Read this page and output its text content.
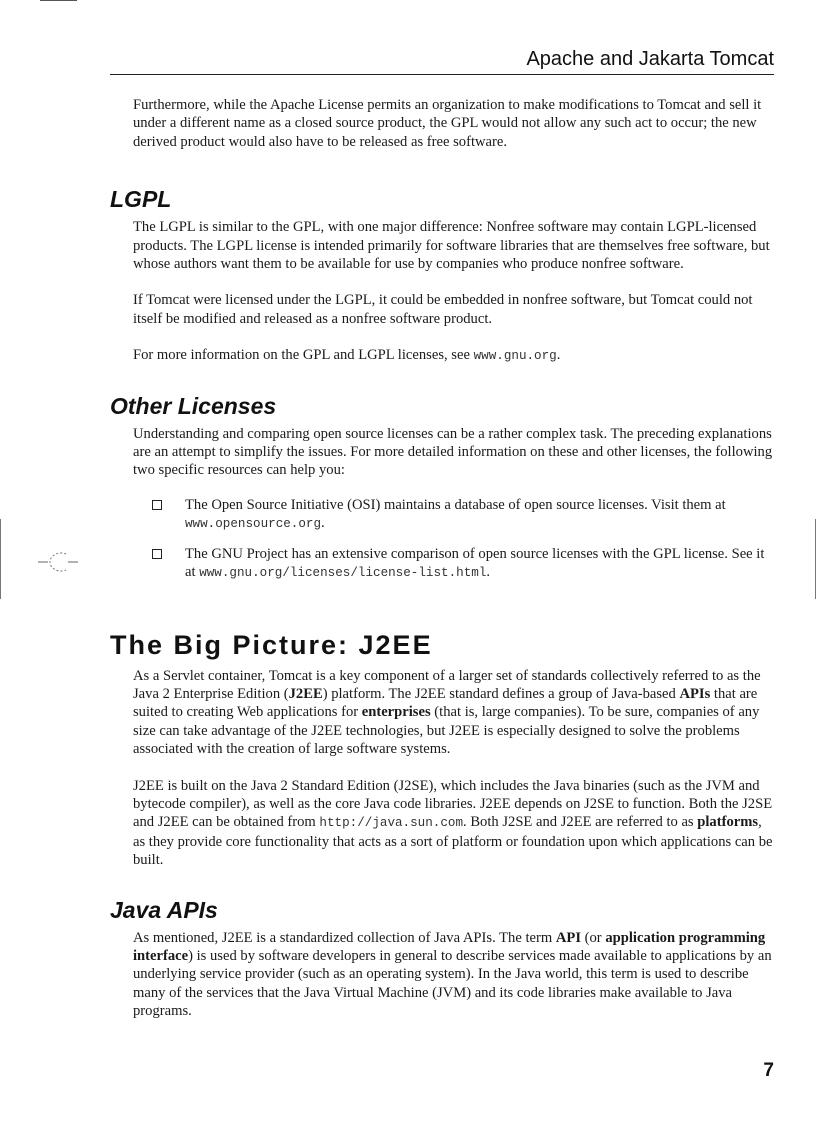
Apache and Jakarta Tomcat

Furthermore, while the Apache License permits an organization to make modifications to Tomcat and sell it under a different name as a closed source product, the GPL would not allow any such act to occur; the new derived product would also have to be released as free software.

LGPL

The LGPL is similar to the GPL, with one major difference: Nonfree software may contain LGPL-licensed products. The LGPL license is intended primarily for software libraries that are themselves free software, but whose authors want them to be available for use by companies who produce nonfree software.

If Tomcat were licensed under the LGPL, it could be embedded in nonfree software, but Tomcat could not itself be modified and released as a nonfree software product.

For more information on the GPL and LGPL licenses, see www.gnu.org.

Other Licenses

Understanding and comparing open source licenses can be a rather complex task. The preceding explanations are an attempt to simplify the issues. For more detailed information on these and other licenses, the following two specific resources can help you:

The Open Source Initiative (OSI) maintains a database of open source licenses. Visit them at www.opensource.org.
The GNU Project has an extensive comparison of open source licenses with the GPL license. See it at www.gnu.org/licenses/license-list.html.
The Big Picture: J2EE

As a Servlet container, Tomcat is a key component of a larger set of standards collectively referred to as the Java 2 Enterprise Edition (J2EE) platform. The J2EE standard defines a group of Java-based APIs that are suited to creating Web applications for enterprises (that is, large companies). To be sure, companies of any size can take advantage of the J2EE technologies, but J2EE is especially designed to solve the problems associated with the creation of large software systems.

J2EE is built on the Java 2 Standard Edition (J2SE), which includes the Java binaries (such as the JVM and bytecode compiler), as well as the core Java code libraries. J2EE depends on J2SE to function. Both the J2SE and J2EE can be obtained from http://java.sun.com. Both J2SE and J2EE are referred to as platforms, as they provide core functionality that acts as a sort of platform or foundation upon which applications can be built.

Java APIs

As mentioned, J2EE is a standardized collection of Java APIs. The term API (or application programming interface) is used by software developers in general to describe services made available to applications by an underlying service provider (such as an operating system). In the Java world, this term is used to describe many of the services that the Java Virtual Machine (JVM) and its code libraries make available to Java programs.

7
